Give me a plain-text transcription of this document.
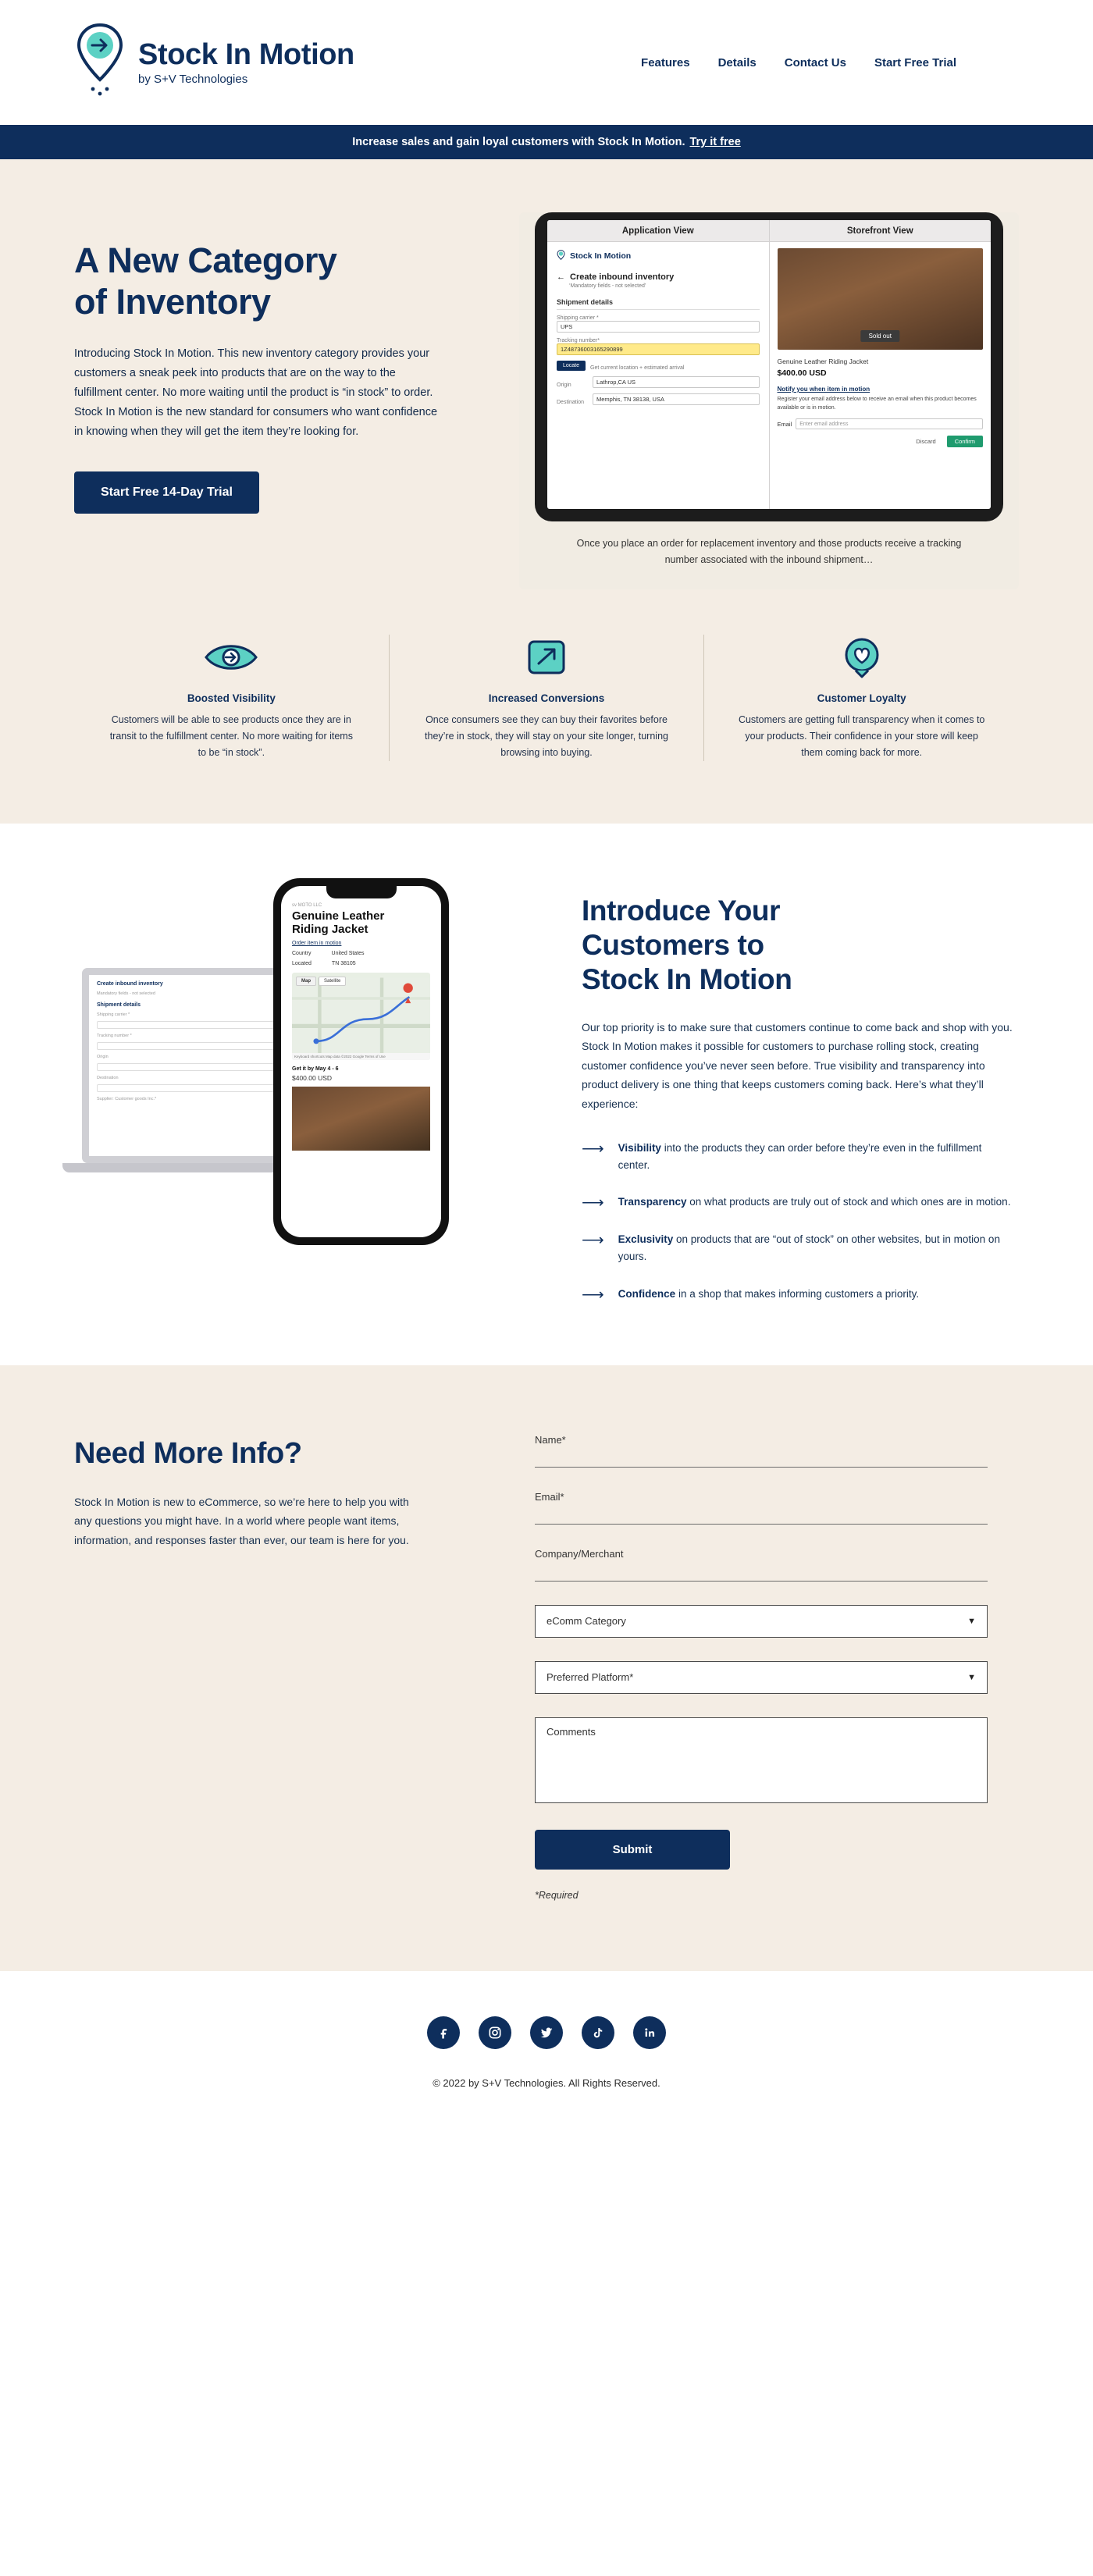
Stock In Motion
by S+V Technologies
Features Details Contact Us Start Free Trial
Increase sales and gain loyal customers with Stock In Motion. Try it free
A New Category
of Inventory
Introducing Stock In Motion. This new inventory category provides your customers a sneak peek into products that are on the way to the fulfillment center. No more waiting until the product is “in stock” to order. Stock In Motion is the new standard for consumers who want confidence in knowing when they will get the item they’re looking for.
Start Free 14-Day Trial
Application View
Stock In Motion
← Create inbound inventory
‘Mandatory fields - not selected’
Shipment details
Shipping carrier *
UPS
Tracking number*
1Z48736003165290899
Locate	Get current location + estimated arrival
Origin	Lathrop,CA US
Destination	Memphis, TN 38138, USA
Storefront View
Sold out
Genuine Leather Riding Jacket
$400.00 USD
Notify you when item in motion
Register your email address below to receive an email when this product becomes available or is in motion.
Email	Enter email address
Discard	Confirm
Once you place an order for replacement inventory and those products receive a tracking number associated with the inbound shipment…
Boosted Visibility
Customers will be able to see products once they are in transit to the fulfillment center. No more waiting for items to be “in stock”.
Increased Conversions
Once consumers see they can buy their favorites before they’re in stock, they will stay on your site longer, turning browsing into buying.
Customer Loyalty
Customers are getting full transparency when it comes to your products. Their confidence in your store will keep them coming back for more.
Create inbound inventory
Mandatory fields - not selected
Shipment details
Shipping carrier *
Tracking number *
Origin
Destination
Supplier: Customer goods Inc.*
sv MOTO LLC
Genuine Leather
Riding Jacket
Order item in motion
Country	United States
Located	TN 38105
Map	Satellite
Keyboard shortcuts Map data ©2022 Google Terms of Use
Get it by May 4 - 6
$400.00 USD
Introduce Your
Customers to
Stock In Motion
Our top priority is to make sure that customers continue to come back and shop with you. Stock In Motion makes it possible for customers to purchase rolling stock, creating customer confidence you’ve never seen before. True visibility and transparency into product delivery is one thing that keeps customers coming back. Here’s what they’ll experience:
⟶ Visibility into the products they can order before they’re even in the fulfillment center.
⟶ Transparency on what products are truly out of stock and which ones are in motion.
⟶ Exclusivity on products that are “out of stock” on other websites, but in motion on yours.
⟶ Confidence in a shop that makes informing customers a priority.
Need More Info?
Stock In Motion is new to eCommerce, so we’re here to help you with any questions you might have. In a world where people want items, information, and responses faster than ever, our team is here for you.
Name*
Email*
Company/Merchant
eComm Category	▼
Preferred Platform*	▼
Comments
Submit
*Required
© 2022 by S+V Technologies. All Rights Reserved.
